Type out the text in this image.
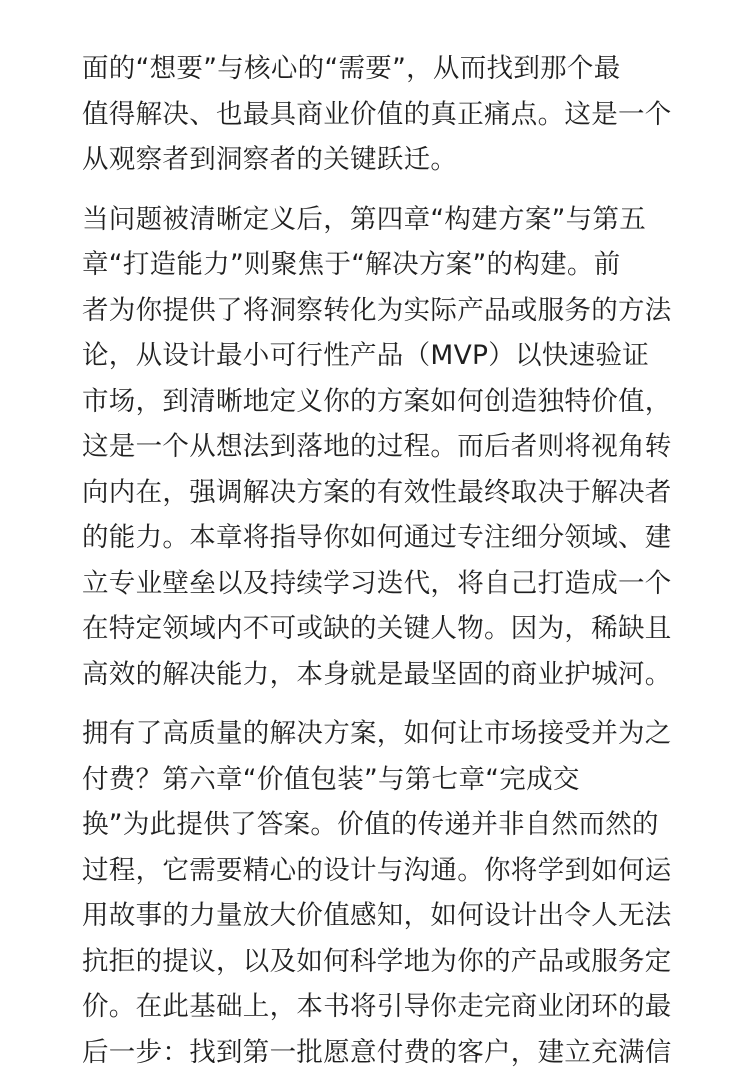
面的“想要”与核心的“需要”，从而找到那个最
值得解决、也最具商业价值的真正痛点。这是一个
从观察者到洞察者的关键跃迁。

当问题被清晰定义后，第四章“构建方案”与第五
章“打造能力”则聚焦于“解决方案”的构建。前
者为你提供了将洞察转化为实际产品或服务的方法
论，从设计最小可行性产品（MVP）以快速验证
市场，到清晰地定义你的方案如何创造独特价值，
这是一个从想法到落地的过程。而后者则将视角转
向内在，强调解决方案的有效性最终取决于解决者
的能力。本章将指导你如何通过专注细分领域、建
立专业壁垒以及持续学习迭代，将自己打造成一个
在特定领域内不可或缺的关键人物。因为，稀缺且
高效的解决能力，本身就是最坚固的商业护城河。

拥有了高质量的解决方案，如何让市场接受并为之
付费？第六章“价值包装”与第七章“完成交
换”为此提供了答案。价值的传递并非自然而然的
过程，它需要精心的设计与沟通。你将学到如何运
用故事的力量放大价值感知，如何设计出令人无法
抗拒的提议，以及如何科学地为你的产品或服务定
价。在此基础上，本书将引导你走完商业闭环的最
后一步：找到第一批愿意付费的客户，建立充满信
